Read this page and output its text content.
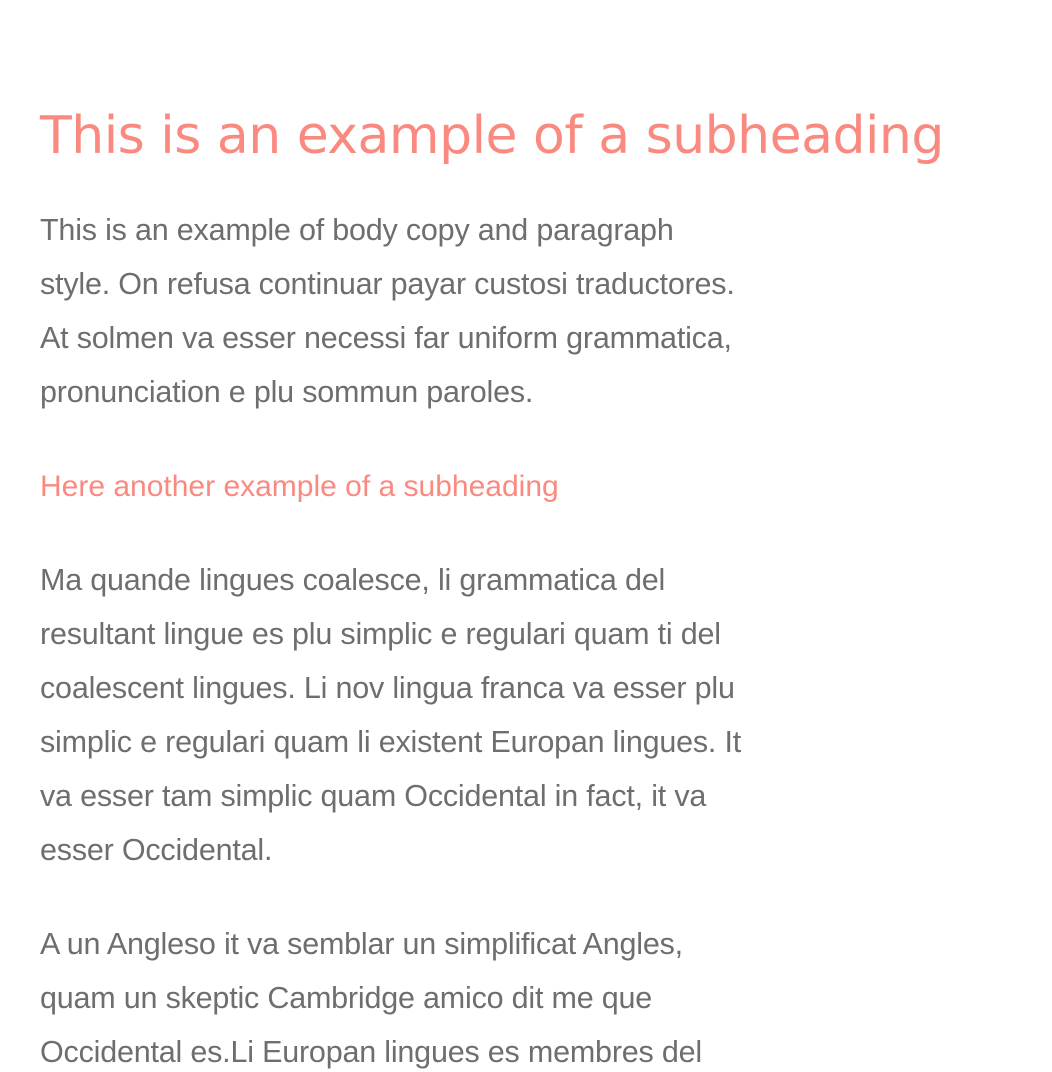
This is an example of a subheading

This is an example of body copy and paragraph
style. On refusa continuar payar custosi traductores.
At solmen va esser necessi far uniform grammatica,
pronunciation e plu sommun paroles.

Here another example of a subheading

Ma quande lingues coalesce, li grammatica del
resultant lingue es plu simplic e regulari quam ti del
coalescent lingues. Li nov lingua franca va esser plu
simplic e regulari quam li existent Europan lingues. It
va esser tam simplic quam Occidental in fact, it va
esser Occidental.

A un Angleso it va semblar un simplificat Angles,
quam un skeptic Cambridge amico dit me que
Occidental es.Li Europan lingues es membres del
